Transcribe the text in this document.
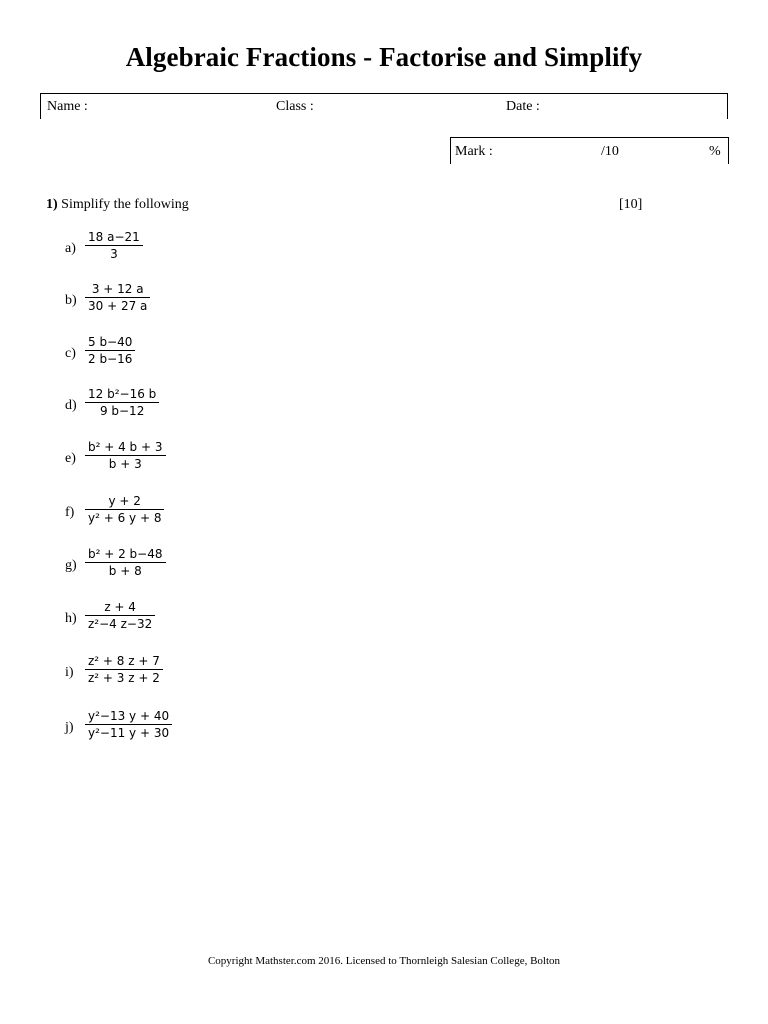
Algebraic Fractions - Factorise and Simplify
Name :	Class :	Date :
Mark :	/10	%
1) Simplify the following	[10]
a)
18 a−21
3
b)
3 + 12 a
30 + 27 a
c)
5 b−40
2 b−16
d)
12 b²−16 b
9 b−12
e)
b² + 4 b + 3
b + 3
f)
y + 2
y² + 6 y + 8
g)
b² + 2 b−48
b + 8
h)
z + 4
z²−4 z−32
i)
z² + 8 z + 7
z² + 3 z + 2
j)
y²−13 y + 40
y²−11 y + 30
Copyright Mathster.com 2016. Licensed to Thornleigh Salesian College, Bolton
